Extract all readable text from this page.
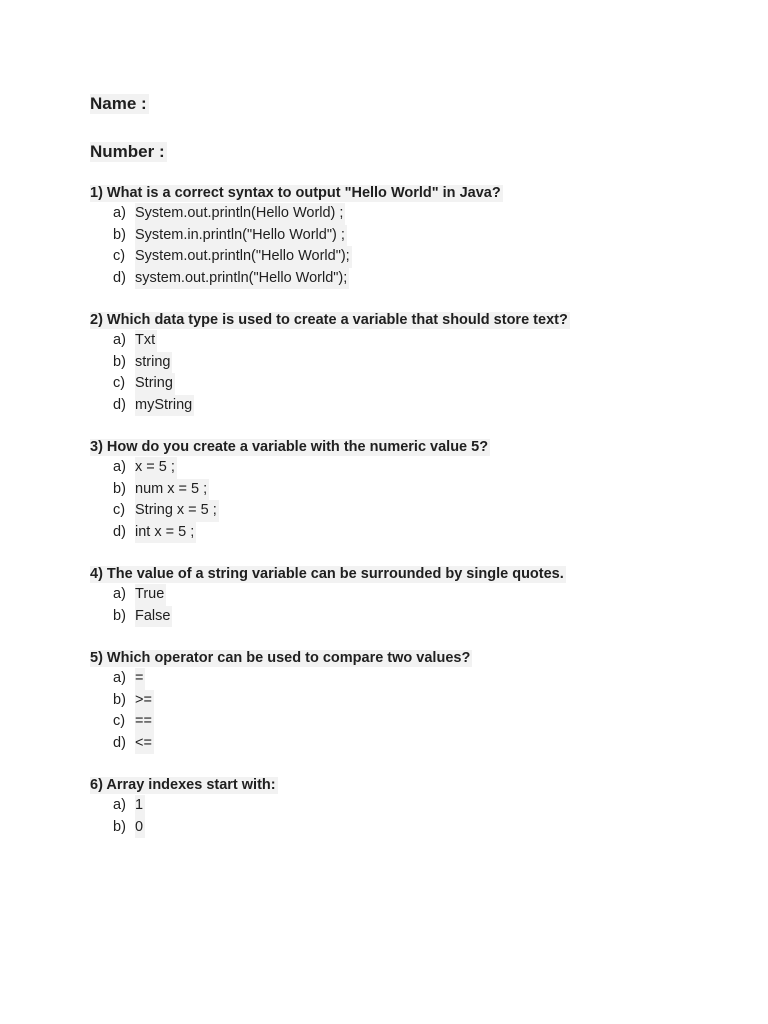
Name :

Number :

1) What is a correct syntax to output "Hello World" in Java?

a) System.out.println(Hello World) ;
b) System.in.println("Hello World") ;
c) System.out.println("Hello World");
d) system.out.println("Hello World");

2) Which data type is used to create a variable that should store text?

a) Txt
b) string
c) String
d) myString

3) How do you create a variable with the numeric value 5?

a) x = 5 ;
b) num x = 5 ;
c) String x = 5 ;
d) int x = 5 ;

4) The value of a string variable can be surrounded by single quotes.

a) True
b) False

5) Which operator can be used to compare two values?

a) =
b) >=
c) ==
d) <=

6) Array indexes start with:

a) 1
b) 0
